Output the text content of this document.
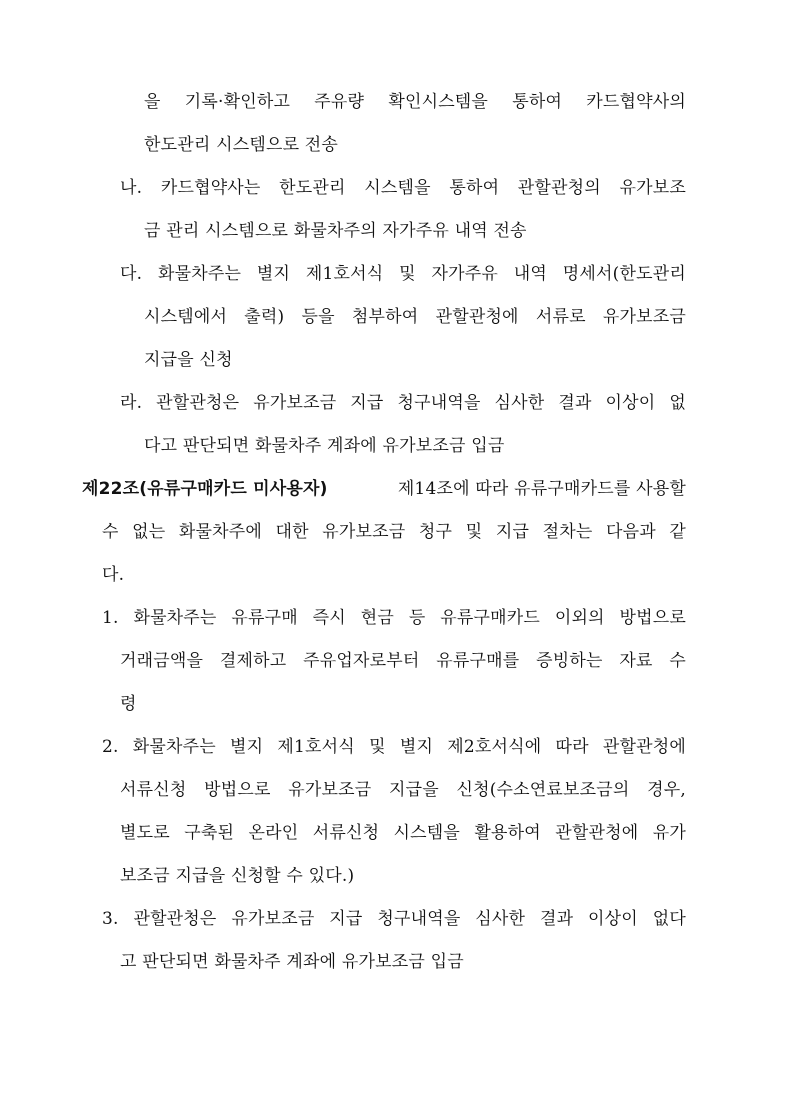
을 기록·확인하고 주유량 확인시스템을 통하여 카드협약사의
한도관리 시스템으로 전송
나. 카드협약사는 한도관리 시스템을 통하여 관할관청의 유가보조
금 관리 시스템으로 화물차주의 자가주유 내역 전송
다. 화물차주는 별지 제1호서식 및 자가주유 내역 명세서(한도관리
시스템에서 출력) 등을 첨부하여 관할관청에 서류로 유가보조금
지급을 신청
라. 관할관청은 유가보조금 지급 청구내역을 심사한 결과 이상이 없
다고 판단되면 화물차주 계좌에 유가보조금 입금
제22조(유류구매카드 미사용자)	제14조에 따라 유류구매카드를 사용할
수 없는 화물차주에 대한 유가보조금 청구 및 지급 절차는 다음과 같
다.
1. 화물차주는 유류구매 즉시 현금 등 유류구매카드 이외의 방법으로
거래금액을 결제하고 주유업자로부터 유류구매를 증빙하는 자료 수
령
2. 화물차주는 별지 제1호서식 및 별지 제2호서식에 따라 관할관청에
서류신청 방법으로 유가보조금 지급을 신청(수소연료보조금의 경우,
별도로 구축된 온라인 서류신청 시스템을 활용하여 관할관청에 유가
보조금 지급을 신청할 수 있다.)
3. 관할관청은 유가보조금 지급 청구내역을 심사한 결과 이상이 없다
고 판단되면 화물차주 계좌에 유가보조금 입금
